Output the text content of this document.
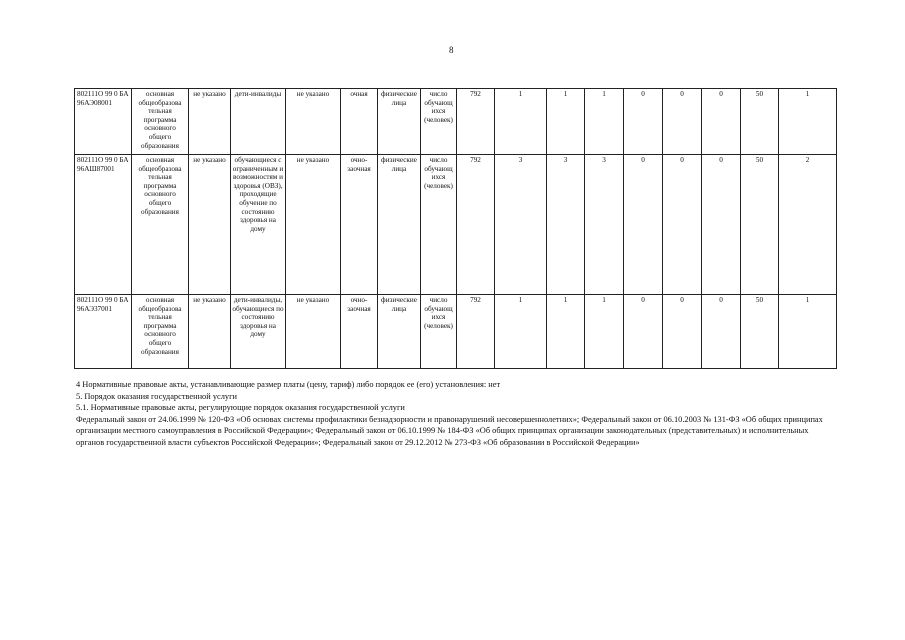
8
802111О 99 0 БА 96АЭ08001	основная общеобразова тельная программа основного общего образования	не указано	дети-инвалиды	не указано	очная	физические лица	число обучающ ихся (человек)	792	1	1	1	0	0	0	50	1
802111О 99 0 БА 96АШ87001	основная общеобразова тельная программа основного общего образования	не указано	обучающиеся с ограниченным и возможностям и здоровья (ОВЗ), проходящие обучение по состоянию здоровья на дому	не указано	очно-заочная	физические лица	число обучающ ихся (человек)	792	3	3	3	0	0	0	50	2
802111О 99 0 БА 96АЭ37001	основная общеобразова тельная программа основного общего образования	не указано	дети-инвалиды, обучающиеся по состоянию здоровья на дому	не указано	очно-заочная	физические лица	число обучающ ихся (человек)	792	1	1	1	0	0	0	50	1

4 Нормативные правовые акты, устанавливающие размер платы (цену, тариф) либо порядок ее (его) установления: нет

5. Порядок оказания государственной услуги

5.1. Нормативные правовые акты, регулирующие порядок оказания государственной услуги

Федеральный закон от 24.06.1999 № 120-ФЗ «Об основах системы профилактики безнадзорности и правонарушений несовершеннолетних»; Федеральный закон от 06.10.2003 № 131-ФЗ «Об общих принципах организации местного самоуправления в Российской Федерации»; Федеральный закон от 06.10.1999 № 184-ФЗ «Об общих принципах организации законодательных (представительных) и исполнительных органов государственной власти субъектов Российской Федерации»; Федеральный закон от 29.12.2012 № 273-ФЗ «Об образовании в Российской Федерации»
